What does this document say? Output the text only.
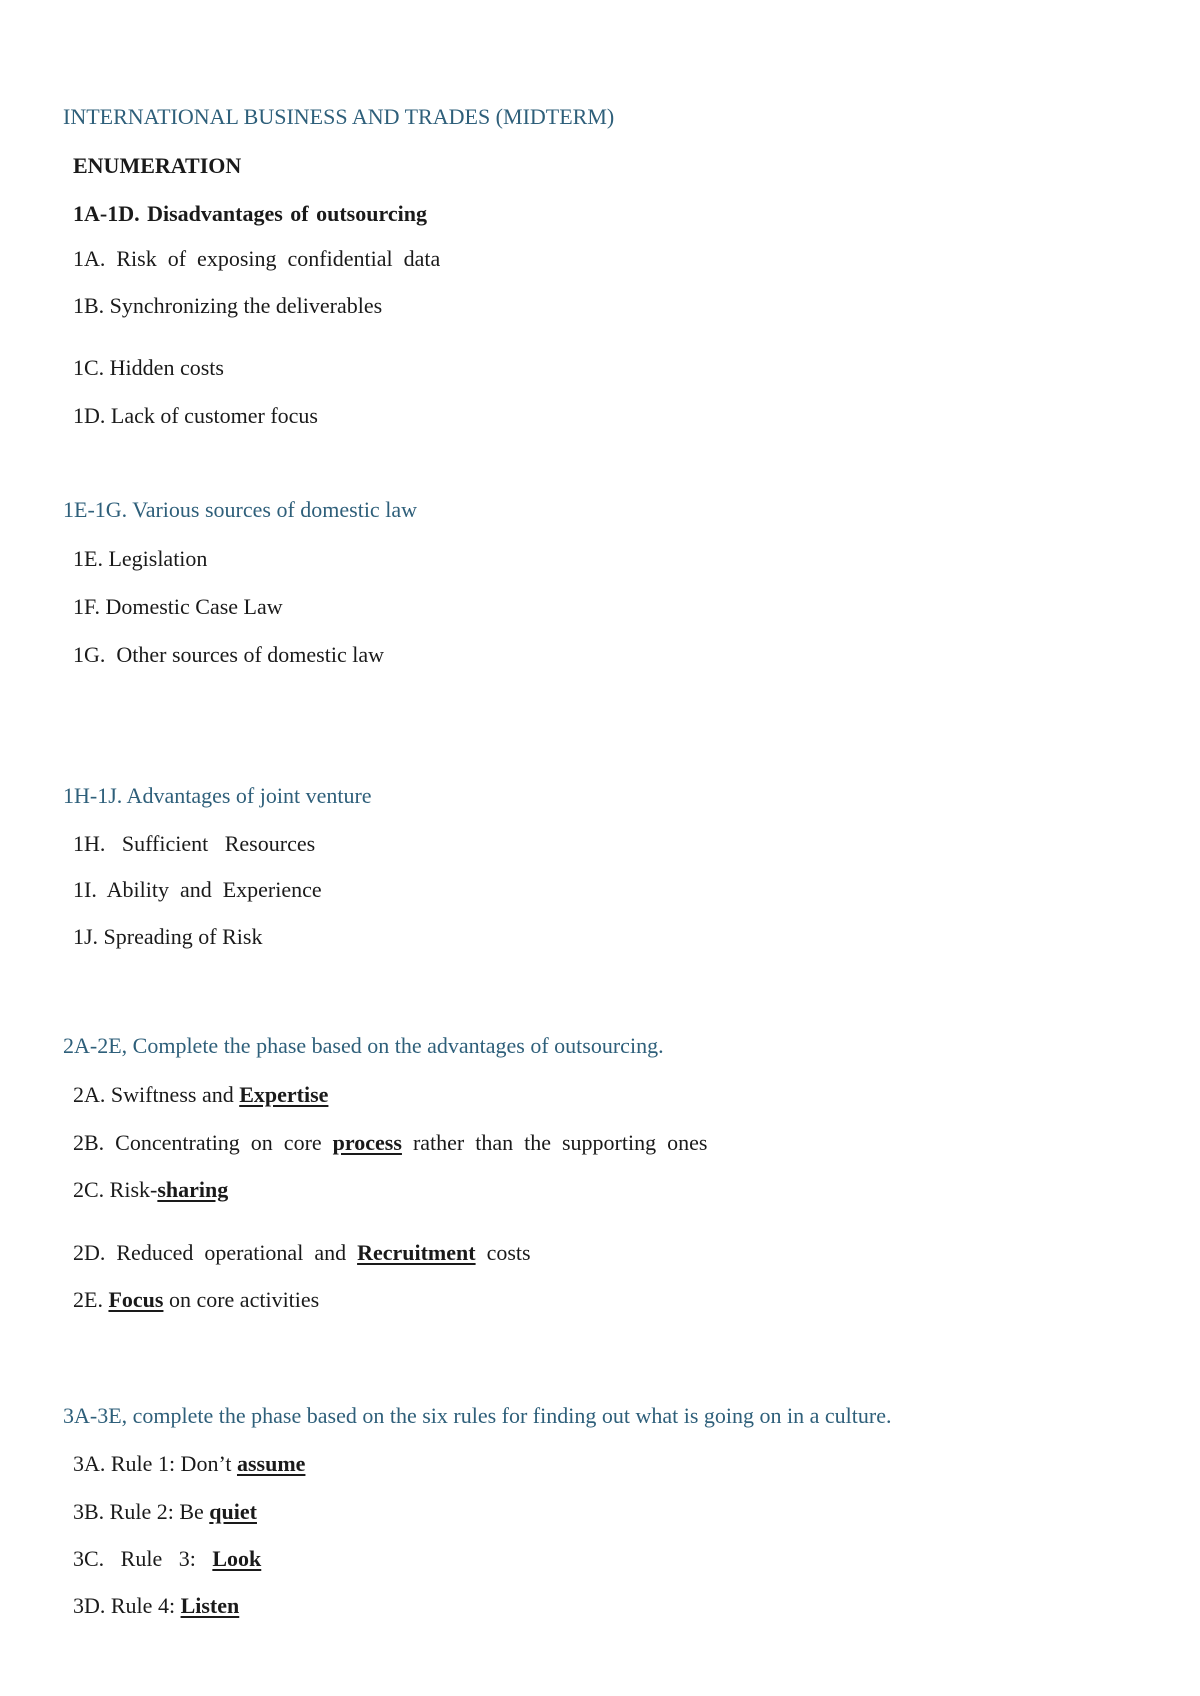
INTERNATIONAL BUSINESS AND TRADES (MIDTERM)
ENUMERATION
1A-1D. Disadvantages of outsourcing
1A.  Risk  of  exposing  confidential  data
1B. Synchronizing the deliverables
1C. Hidden costs
1D. Lack of customer focus
1E-1G. Various sources of domestic law
1E. Legislation
1F. Domestic Case Law
1G.  Other sources of domestic law
1H-1J. Advantages of joint venture
1H.   Sufficient   Resources
1I.  Ability  and  Experience
1J. Spreading of Risk
2A-2E, Complete the phase based on the advantages of outsourcing.
2A. Swiftness and Expertise
2B.  Concentrating  on  core  process  rather  than  the  supporting  ones
2C. Risk-sharing
2D.  Reduced  operational  and  Recruitment  costs
2E. Focus on core activities
3A-3E, complete the phase based on the six rules for finding out what is going on in a culture.
3A. Rule 1: Don’t assume
3B. Rule 2: Be quiet
3C.   Rule   3:   Look
3D. Rule 4: Listen
